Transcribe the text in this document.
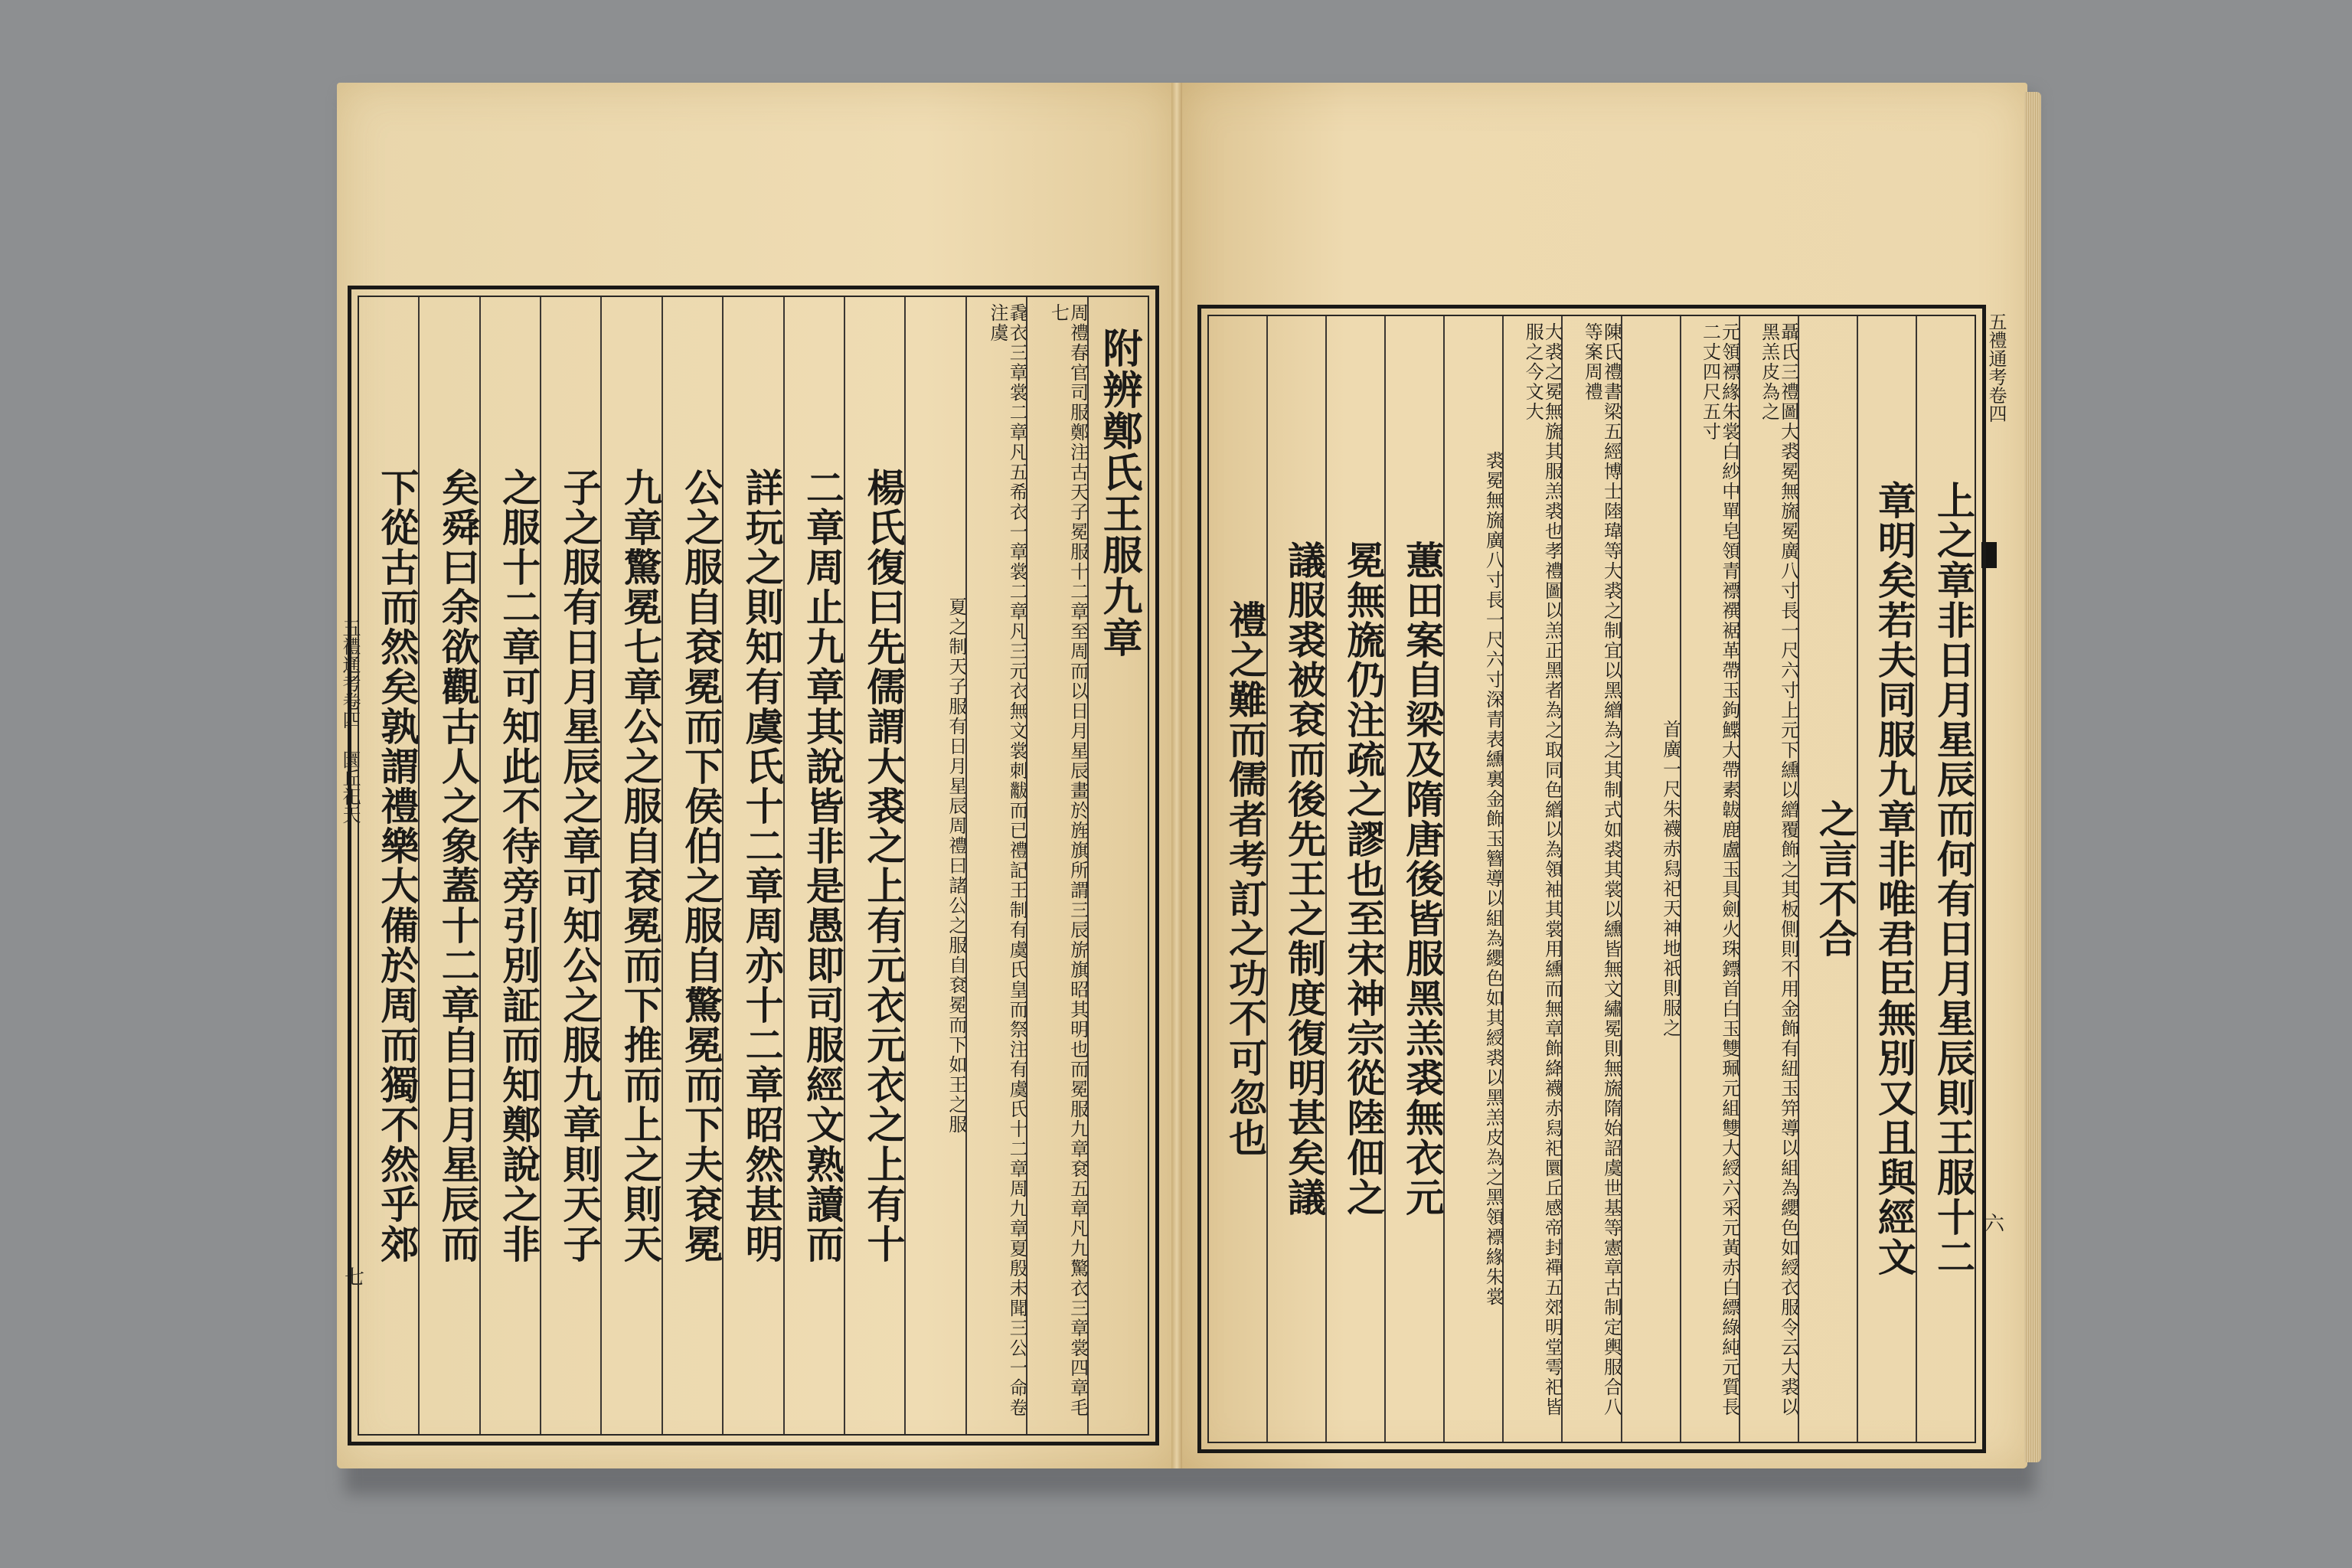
五禮通考卷四 圜丘祀天
七
附辨鄭氏王服九章
周禮春官司服鄭注古天子冕服十二章至周而以日月星辰畫於旌旗所謂三辰旂旗昭其明也而冕服九章袞五章凡九驚衣三章裳四章毛七
毳衣三章裳二章凡五希衣一章裳二章凡三元衣無文裳刺黻而已禮記王制有虞氏皇而祭注有虞氏十二章周九章夏殷未聞三公一命卷注虞
夏之制天子服有日月星辰周禮曰諸公之服自袞冕而下如王之服
楊氏復曰先儒謂大裘之上有元衣元衣之上有十
二章周止九章其說皆非是愚即司服經文熟讀而
詳玩之則知有虞氏十二章周亦十二章昭然甚明
公之服自袞冕而下侯伯之服自驚冕而下夫袞冕
九章驚冕七章公之服自袞冕而下推而上之則天
子之服有日月星辰之章可知公之服九章則天子
之服十二章可知此不待旁引別証而知鄭說之非
矣舜曰余欲觀古人之象蓋十二章自日月星辰而
下從古而然矣孰謂禮樂大備於周而獨不然乎郊
五禮通考卷四
六
上之章非日月星辰而何有日月星辰則王服十二
章明矣若夫同服九章非唯君臣無別又且與經文
之言不合
聶氏三禮圖大裘冕無旒冕廣八寸長一尺六寸上元下纁以繒覆飾之其板側則不用金飾有紐玉笄導以組為纓色如綬衣服令云大裘以黑羔皮為之
元領褾緣朱裳白紗中單皂領青褾襈裾革帶玉鉤鰈大帶素韍鹿盧玉具劍火珠鏢首白玉雙珮元組雙大綬六采元黃赤白縹綠純元質長二丈四尺五寸
首廣一尺朱襪赤舄祀天神地祇則服之
陳氏禮書梁五經博士陸瑋等大裘之制宜以黑繒為之其制式如裘其裳以纁皆無文繡冕則無旒隋始詔虞世基等憲章古制定輿服合八等案周禮
大裘之冕無旒其服羔裘也孝禮圖以羔正黑者為之取同色繒以為領袖其裳用纁而無章飾絳襪赤舄祀圜丘感帝封禪五郊明堂雩祀皆服之今文大
裘冕無旒廣八寸長一尺六寸深青表纁裏金飾玉簪導以組為纓色如其綬裘以黑羔皮為之黑領褾緣朱裳
蕙田案自梁及隋唐後皆服黑羔裘無衣元
冕無旒仍注疏之謬也至宋神宗從陸佃之
議服裘被袞而後先王之制度復明甚矣議
禮之難而儒者考訂之功不可忽也
